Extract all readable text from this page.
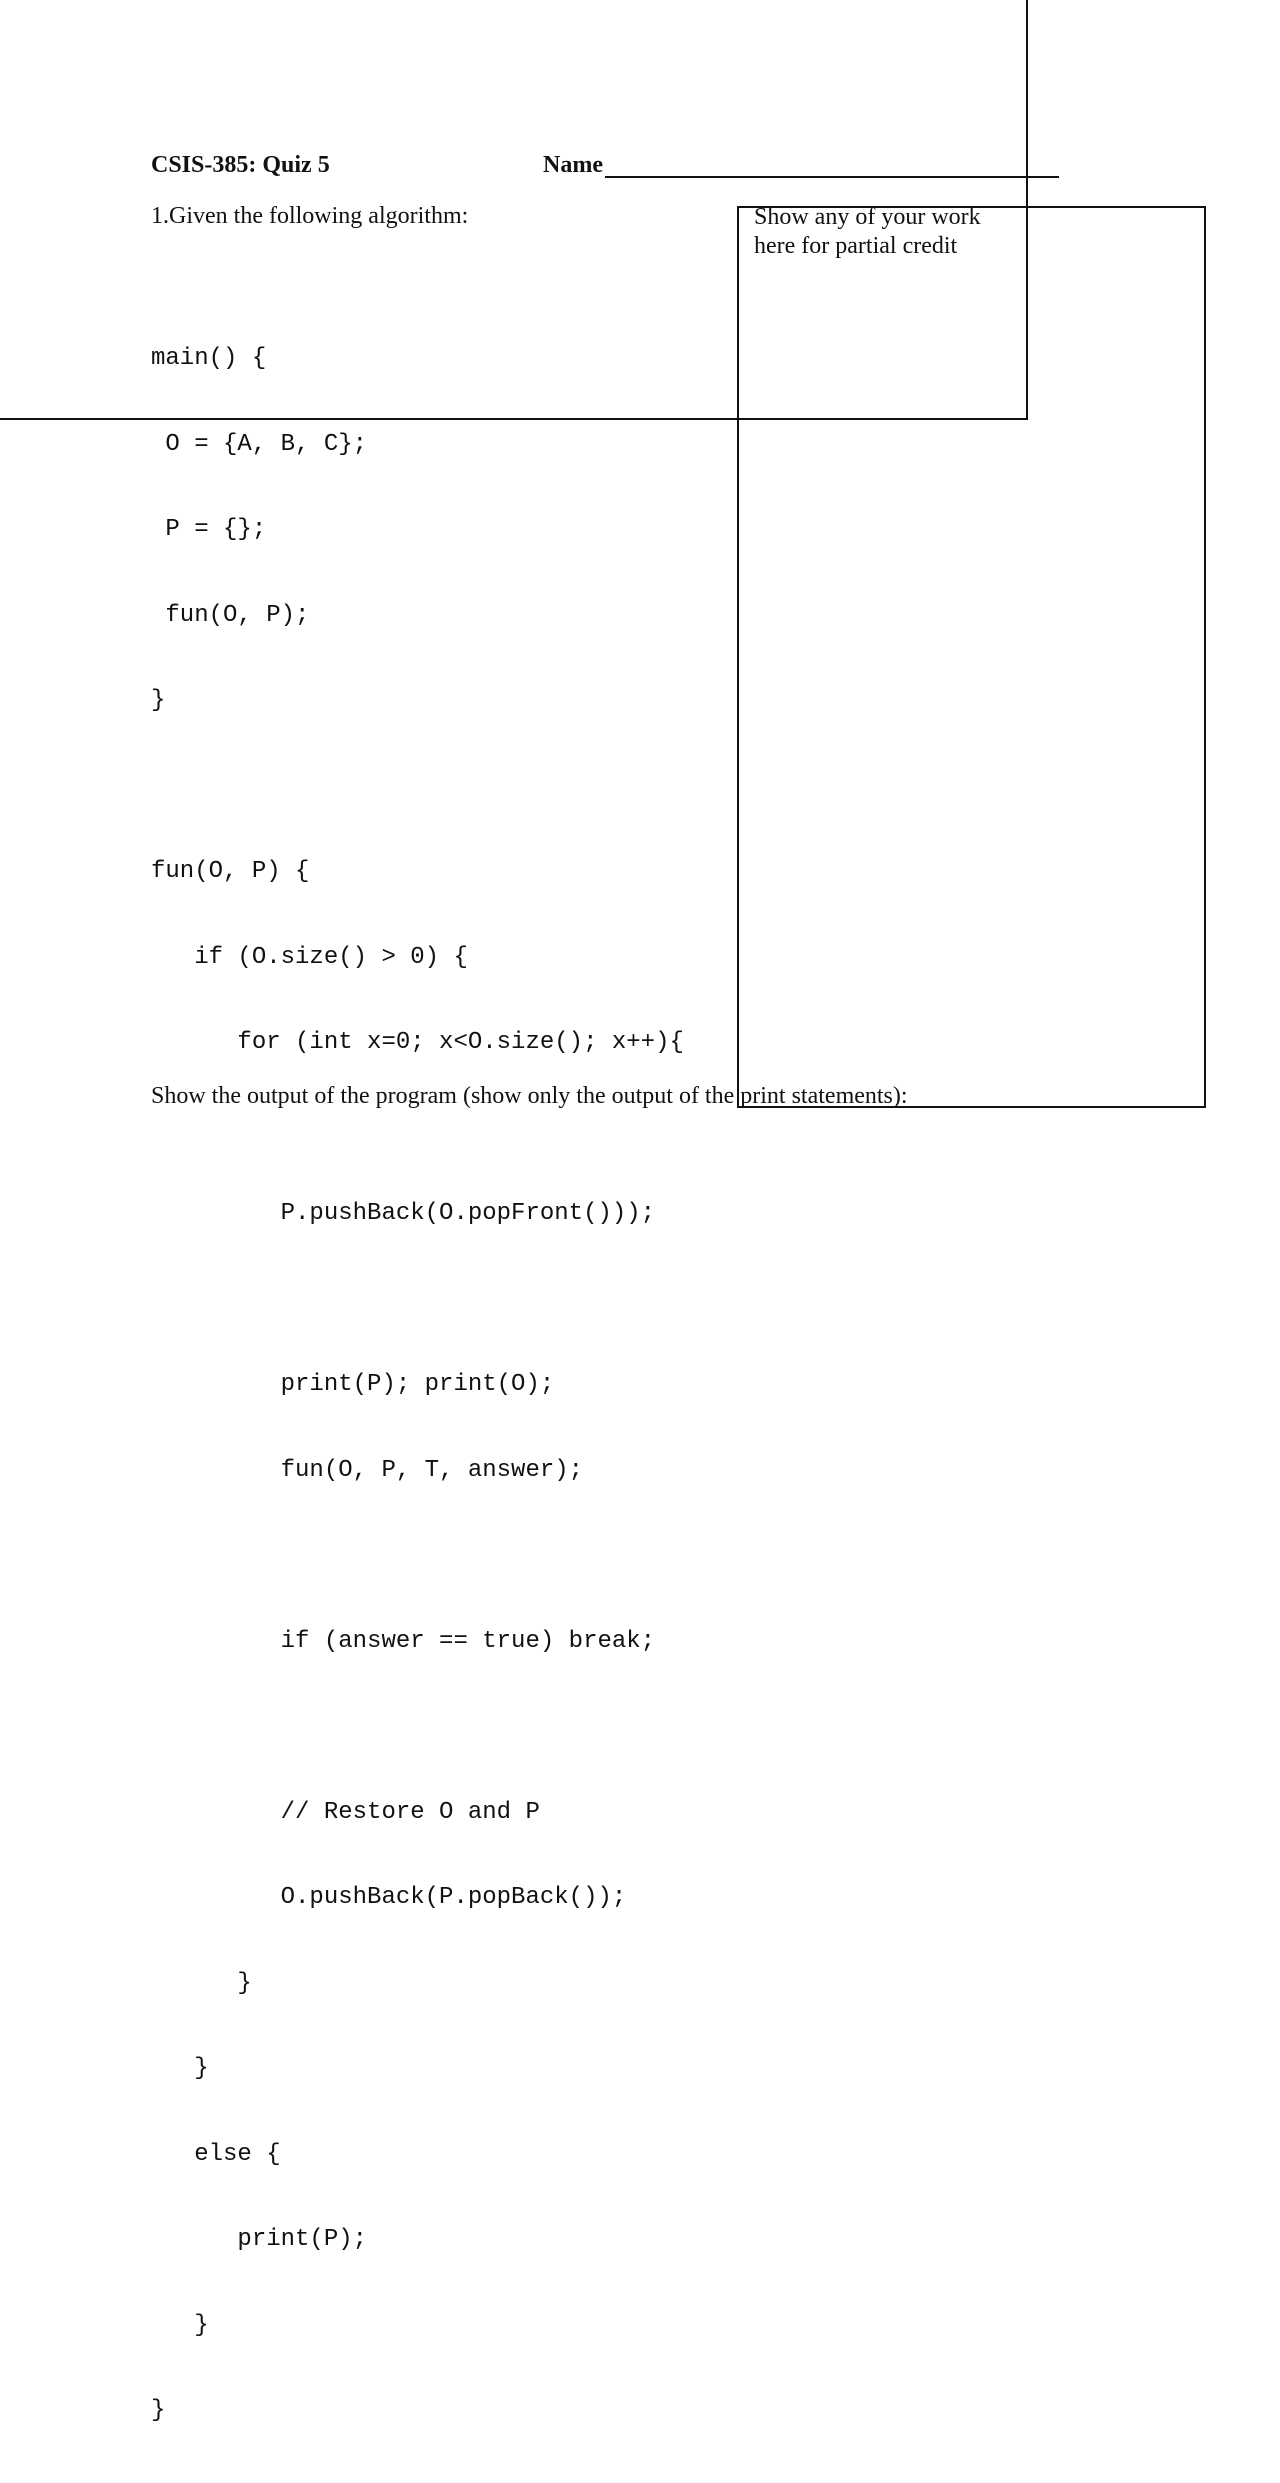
CSIS-385: Quiz 5	Name
1.Given the following algorithm:	Show any of your work
here for partial credit

main() {

O = {A, B, C};

P = {};

fun(O, P);

}

fun(O, P) {

if (O.size() > 0) {

for (int x=0; x<O.size(); x++){

P.pushBack(O.popFront()));

print(P); print(O);

fun(O, P, T, answer);

if (answer == true) break;

// Restore O and P

O.pushBack(P.popBack());

}

}

else {

print(P);

}

}

Show the output of the program (show only the output of the print statements):
